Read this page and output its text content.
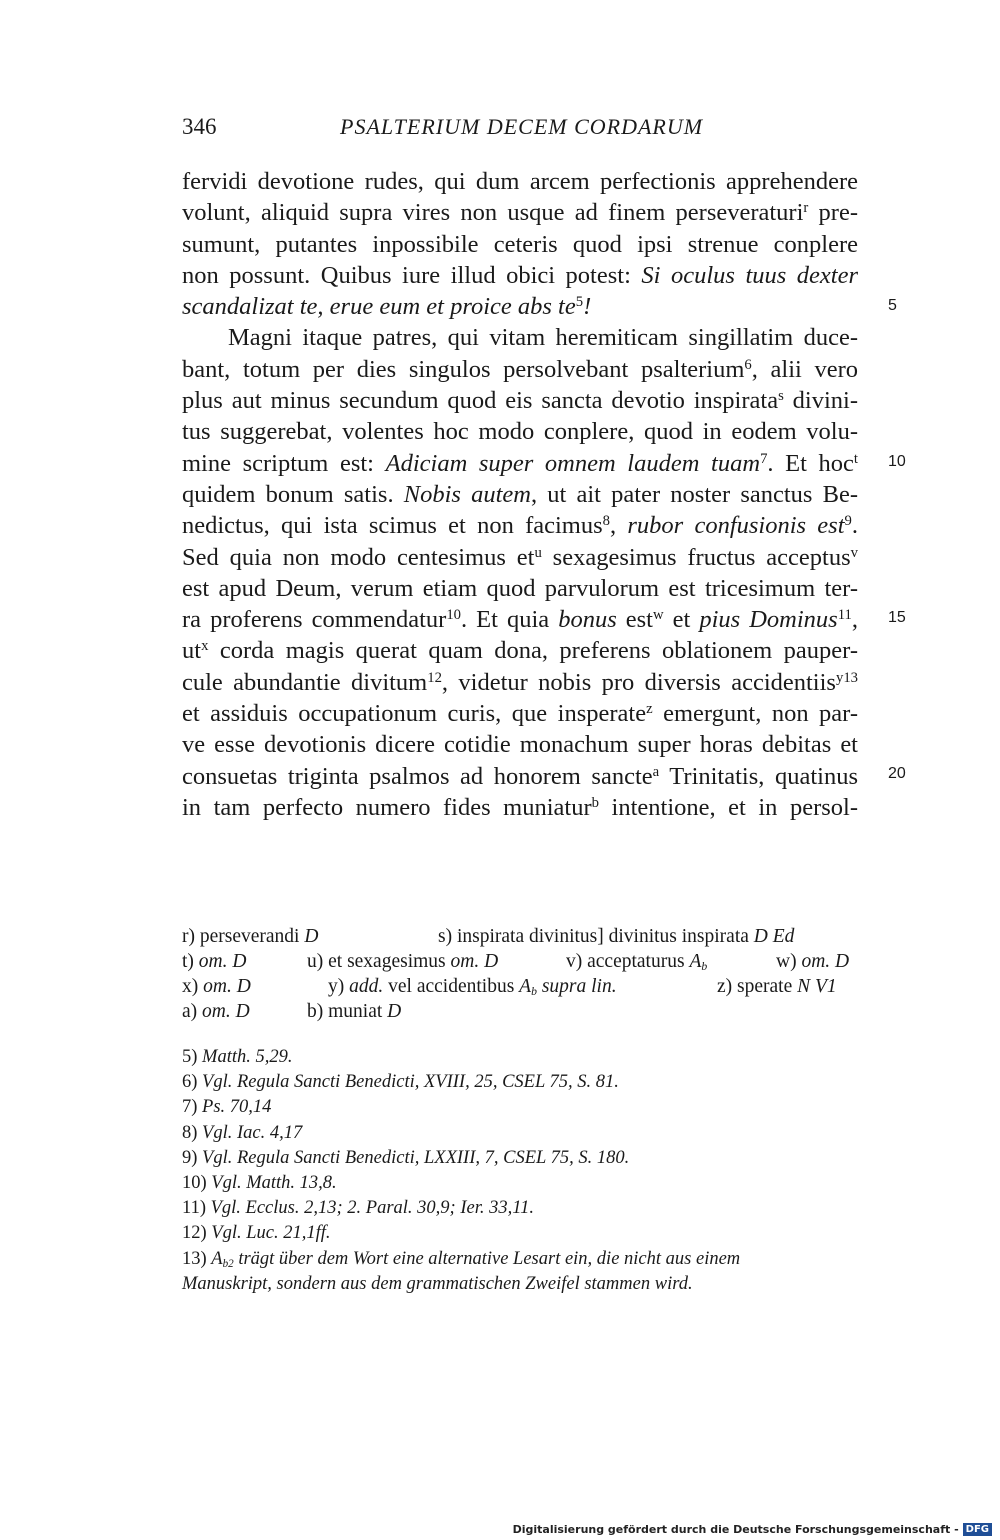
346	PSALTERIUM DECEM CORDARUM
fervidi devotione rudes, qui dum arcem perfectionis apprehendere
volunt, aliquid supra vires non usque ad finem perseveraturi$^r$ pre-
sumunt, putantes inpossibile ceteris quod ipsi strenue conplere
non possunt. Quibus iure illud obici potest: Si oculus tuus dexter
scandalizat te, erue eum et proice abs $te^5$!
Magni itaque patres, qui vitam heremiticam singillatim duce-
bant, totum per dies singulos persolvebant psalterium$^6$, alii vero
plus aut minus secundum quod eis sancta devotio inspirata$^s$ divini-
tus suggerebat, volentes hoc modo conplere, quod in eodem volu-
mine scriptum est: Adiciam super omnem laudem tuam$^7$. Et hoc$^t$
quidem bonum satis. Nobis autem, ut ait pater noster sanctus Be-
nedictus, qui ista scimus et non facimus$^8$, rubor confusionis est$^9$.
Sed quia non modo centesimus $et^u$ sexagesimus fructus acceptus$^v$
est apud Deum, verum etiam quod parvulorum est tricesimum ter-
ra proferens commendatur$^{10}$. Et quia bonus est$^w$ et pius Dominus$^{11}$,
$ut^x$ corda magis querat quam dona, preferens oblationem pauper-
cule abundantie divitum$^{12}$, videtur nobis pro diversis accidentiis$^{y13}$
et assiduis occupationum curis, que insperate$^z$ emergunt, non par-
ve esse devotionis dicere cotidie monachum super horas debitas et
consuetas triginta psalmos ad honorem sancte$^a$ Trinitatis, quatinus
in tam perfecto numero fides muniatur$^b$ intentione, et in persol-
5
10
15
20
r) perseverandi D	s) inspirata divinitus] divinitus inspirata D Ed
t) om. D	u) et sexagesimus om. D	v) acceptaturus $A_b$	w) om. D
x) om. D	y) add. vel accidentibus $A_b$ supra lin.	z) sperate N V1
a) om. D	b) muniat D
5) Matth. 5,29.
6) Vgl. Regula Sancti Benedicti, XVIII, 25, CSEL 75, S. 81.
7) Ps. 70,14
8) Vgl. Iac. 4,17
9) Vgl. Regula Sancti Benedicti, LXXIII, 7, CSEL 75, S. 180.
10) Vgl. Matth. 13,8.
11) Vgl. Ecclus. 2,13; 2. Paral. 30,9; Ier. 33,11.
12) Vgl. Luc. 21,1ff.
13) $A_{b2}$ trägt über dem Wort eine alternative Lesart ein, die nicht aus einem
Manuskript, sondern aus dem grammatischen Zweifel stammen wird.
Digitalisierung gefördert durch die Deutsche Forschungsgemeinschaft - DFG
